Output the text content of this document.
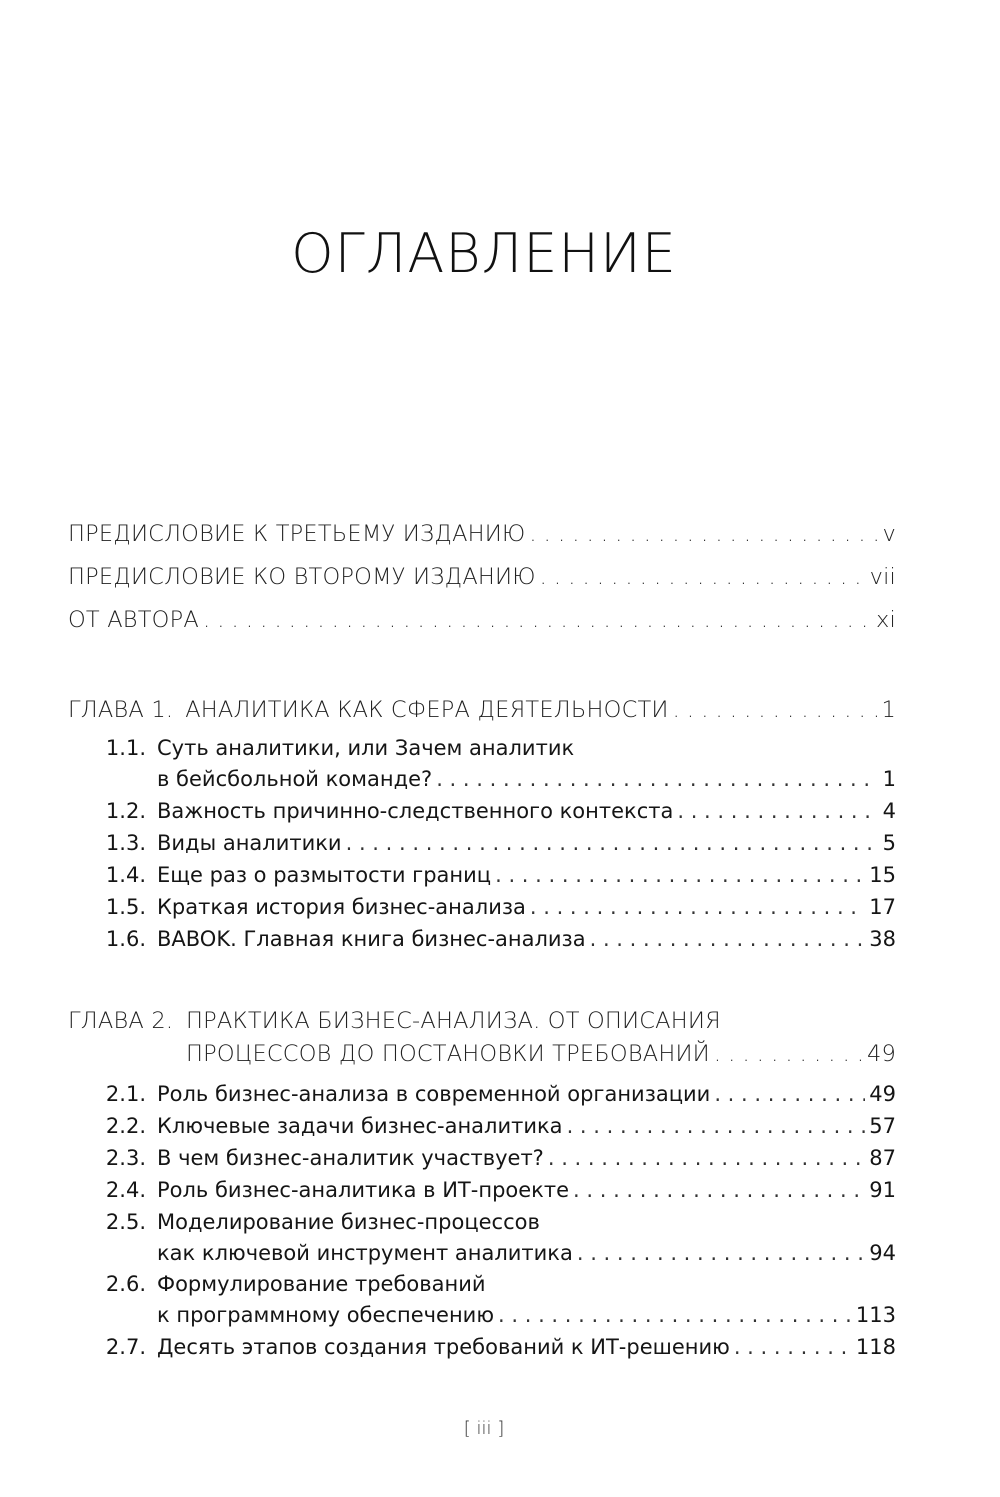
ОГЛАВЛЕНИЕ
ПРЕДИСЛОВИЕ К ТРЕТЬЕМУ ИЗДАНИЮ . . .	v
ПРЕДИСЛОВИЕ КО ВТОРОМУ ИЗДАНИЮ . . .	vii
ОТ АВТОРА . . .	xi
ГЛАВА 1. АНАЛИТИКА КАК СФЕРА ДЕЯТЕЛЬНОСТИ . . .	1
1.1. Суть аналитики, или Зачем аналитик
в бейсбольной команде? . . .	1
1.2. Важность причинно-следственного контекста . . .	4
1.3. Виды аналитики . . .	5
1.4. Еще раз о размытости границ . . .	15
1.5. Краткая история бизнес-анализа . . .	17
1.6. BABOK. Главная книга бизнес-анализа . . .	38
ГЛАВА 2. ПРАКТИКА БИЗНЕС-АНАЛИЗА. ОТ ОПИСАНИЯ
ПРОЦЕССОВ ДО ПОСТАНОВКИ ТРЕБОВАНИЙ . . .	49
2.1. Роль бизнес-анализа в современной организации . . .	49
2.2. Ключевые задачи бизнес-аналитика . . .	57
2.3. В чем бизнес-аналитик участвует? . . .	87
2.4. Роль бизнес-аналитика в ИТ-проекте . . .	91
2.5. Моделирование бизнес-процессов
как ключевой инструмент аналитика . . .	94
2.6. Формулирование требований
к программному обеспечению . . .	113
2.7. Десять этапов создания требований к ИТ-решению . . .	118
[ iii ]
